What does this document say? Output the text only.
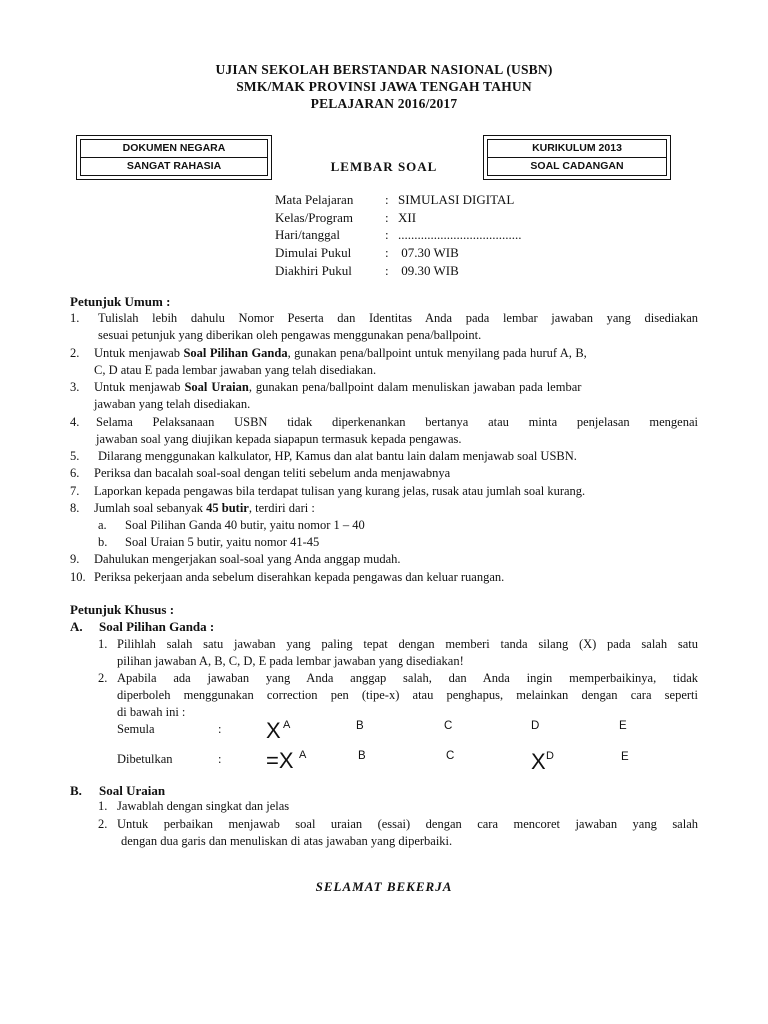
UJIAN SEKOLAH BERSTANDAR NASIONAL (USBN)
SMK/MAK PROVINSI JAWA TENGAH TAHUN
PELAJARAN 2016/2017
DOKUMEN NEGARA
SANGAT RAHASIA	LEMBAR SOAL
KURIKULUM 2013
SOAL CADANGAN
Mata Pelajaran : SIMULASI DIGITAL
Kelas/Program : XII
Hari/tanggal	: ......................................
Dimulai Pukul	: 07.30 WIB
Diakhiri Pukul	: 09.30 WIB
Petunjuk Umum :
1. Tulislah lebih dahulu Nomor Peserta dan Identitas Anda pada lembar jawaban yang disediakan
sesuai petunjuk yang diberikan oleh pengawas menggunakan pena/ballpoint.
2. Untuk menjawab Soal Pilihan Ganda, gunakan pena/ballpoint untuk menyilang pada huruf A, B,
C, D atau E pada lembar jawaban yang telah disediakan.
3. Untuk menjawab Soal Uraian, gunakan pena/ballpoint dalam menuliskan jawaban pada lembar
jawaban yang telah disediakan.
4. Selama Pelaksanaan USBN tidak diperkenankan bertanya atau minta penjelasan mengenai
jawaban soal yang diujikan kepada siapapun termasuk kepada pengawas.
5. Dilarang menggunakan kalkulator, HP, Kamus dan alat bantu lain dalam menjawab soal USBN.
6. Periksa dan bacalah soal-soal dengan teliti sebelum anda menjawabnya
7. Laporkan kepada pengawas bila terdapat tulisan yang kurang jelas, rusak atau jumlah soal kurang.
8. Jumlah soal sebanyak 45 butir, terdiri dari :
a. Soal Pilihan Ganda 40 butir, yaitu nomor 1 – 40
b. Soal Uraian 5 butir, yaitu nomor 41-45
9. Dahulukan mengerjakan soal-soal yang Anda anggap mudah.
10. Periksa pekerjaan anda sebelum diserahkan kepada pengawas dan keluar ruangan.
Petunjuk Khusus :
A. Soal Pilihan Ganda :
1. Pilihlah salah satu jawaban yang paling tepat dengan memberi tanda silang (X) pada salah satu
pilihan jawaban A, B, C, D, E pada lembar jawaban yang disediakan!
2. Apabila ada jawaban yang Anda anggap salah, dan Anda ingin memperbaikinya, tidak
diperboleh menggunakan correction pen (tipe-x) atau penghapus, melainkan dengan cara seperti
di bawah ini :
Semula	: X A	B	C	D	E
Dibetulkan	: =X A	B	C	X D	E
B. Soal Uraian
1. Jawablah dengan singkat dan jelas
2. Untuk perbaikan menjawab soal uraian (essai) dengan cara mencoret jawaban yang salah
dengan dua garis dan menuliskan di atas jawaban yang diperbaiki.
SELAMAT BEKERJA
